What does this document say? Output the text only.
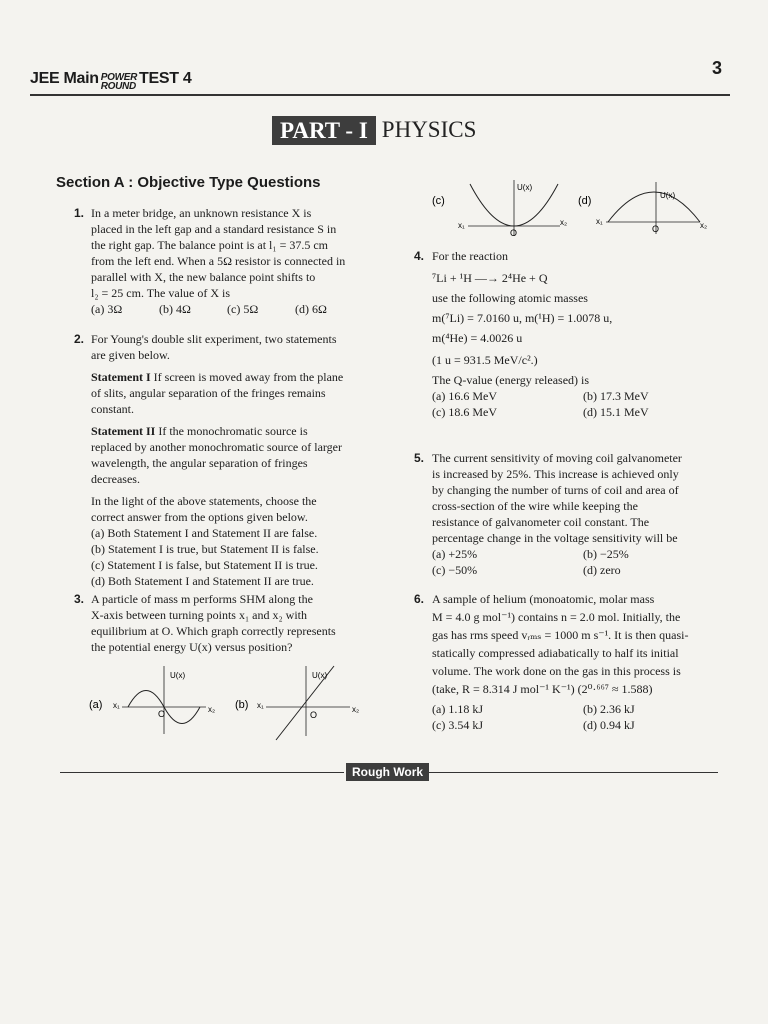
JEE Main POWER
ROUND TEST 4
3
PART - I PHYSICS
Section A : Objective Type Questions
1. In a meter bridge, an unknown resistance X is

placed in the left gap and a standard resistance S in

the right gap. The balance point is at l₁ = 37.5 cm

from the left end. When a 5Ω resistor is connected in

parallel with X, the new balance point shifts to

l₂ = 25 cm. The value of X is

(a) 3Ω	(b) 4Ω	(c) 5Ω	(d) 6Ω
2. For Young's double slit experiment, two statements

are given below.

Statement I If screen is moved away from the plane

of slits, angular separation of the fringes remains

constant.

Statement II If the monochromatic source is

replaced by another monochromatic source of larger

wavelength, the angular separation of fringes

decreases.

In the light of the above statements, choose the

correct answer from the options given below.

(a) Both Statement I and Statement II are false.

(b) Statement I is true, but Statement II is false.

(c) Statement I is false, but Statement II is true.

(d) Both Statement I and Statement II are true.

3. A particle of mass m performs SHM along the

X-axis between turning points x₁ and x₂ with

equilibrium at O. Which graph correctly represents

the potential energy U(x) versus position?

(a) x₁
U(x)
O	x₂ (b) x₁
U(x)
O
x₂
(c)
x₁
U(x)
O
x₂
(d)
x₁
U(x)
O	x₂
4. For the reaction

⁷Li + ¹H —→ 2⁴He + Q

use the following atomic masses

m(⁷Li) = 7.0160 u, m(¹H) = 1.0078 u,

m(⁴He) = 4.0026 u

(1 u = 931.5 MeV/c².)

The Q-value (energy released) is

(a) 16.6 MeV	(b) 17.3 MeV
(c) 18.6 MeV	(d) 15.1 MeV
5. The current sensitivity of moving coil galvanometer

is increased by 25%. This increase is achieved only

by changing the number of turns of coil and area of

cross-section of the wire while keeping the

resistance of galvanometer coil constant. The

percentage change in the voltage sensitivity will be

(a) +25%	(b) −25%
(c) −50%	(d) zero
6. A sample of helium (monoatomic, molar mass

M = 4.0 g mol⁻¹) contains n = 2.0 mol. Initially, the

gas has rms speed vᵣₘₛ = 1000 m s⁻¹. It is then quasi-

statically compressed adiabatically to half its initial

volume. The work done on the gas in this process is

(take, R = 8.314 J mol⁻¹ K⁻¹) (2⁰·⁶⁶⁷ ≈ 1.588)

(a) 1.18 kJ	(b) 2.36 kJ
(c) 3.54 kJ	(d) 0.94 kJ
Rough Work
